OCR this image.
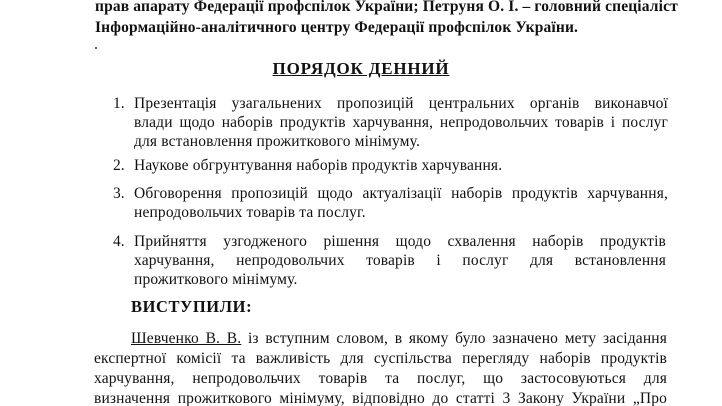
прав апарату Федерації профспілок України; Петруня О. І. – головний спеціаліст
Інформаційно-аналітичного центру Федерації профспілок України.
ПОРЯДОК ДЕННИЙ
1. Презентація узагальнених пропозицій центральних органів виконавчої
влади щодо наборів продуктів харчування, непродовольчих товарів і послуг
для встановлення прожиткового мінімуму.
2. Наукове обгрунтування наборів продуктів харчування.
3. Обговорення пропозицій щодо актуалізації наборів продуктів харчування,
непродовольчих товарів та послуг.
4. Прийняття узгодженого рішення щодо схвалення наборів продуктів
харчування, непродовольчих товарів і послуг для встановлення
прожиткового мінімуму.
ВИСТУПИЛИ:
Шевченко В. В. із вступним словом, в якому було зазначено мету засідання
експертної комісії та важливість для суспільства перегляду наборів продуктів
харчування, непродовольчих товарів та послуг, що застосовуються для
визначення прожиткового мінімуму, відповідно до статті 3 Закону України „Про
